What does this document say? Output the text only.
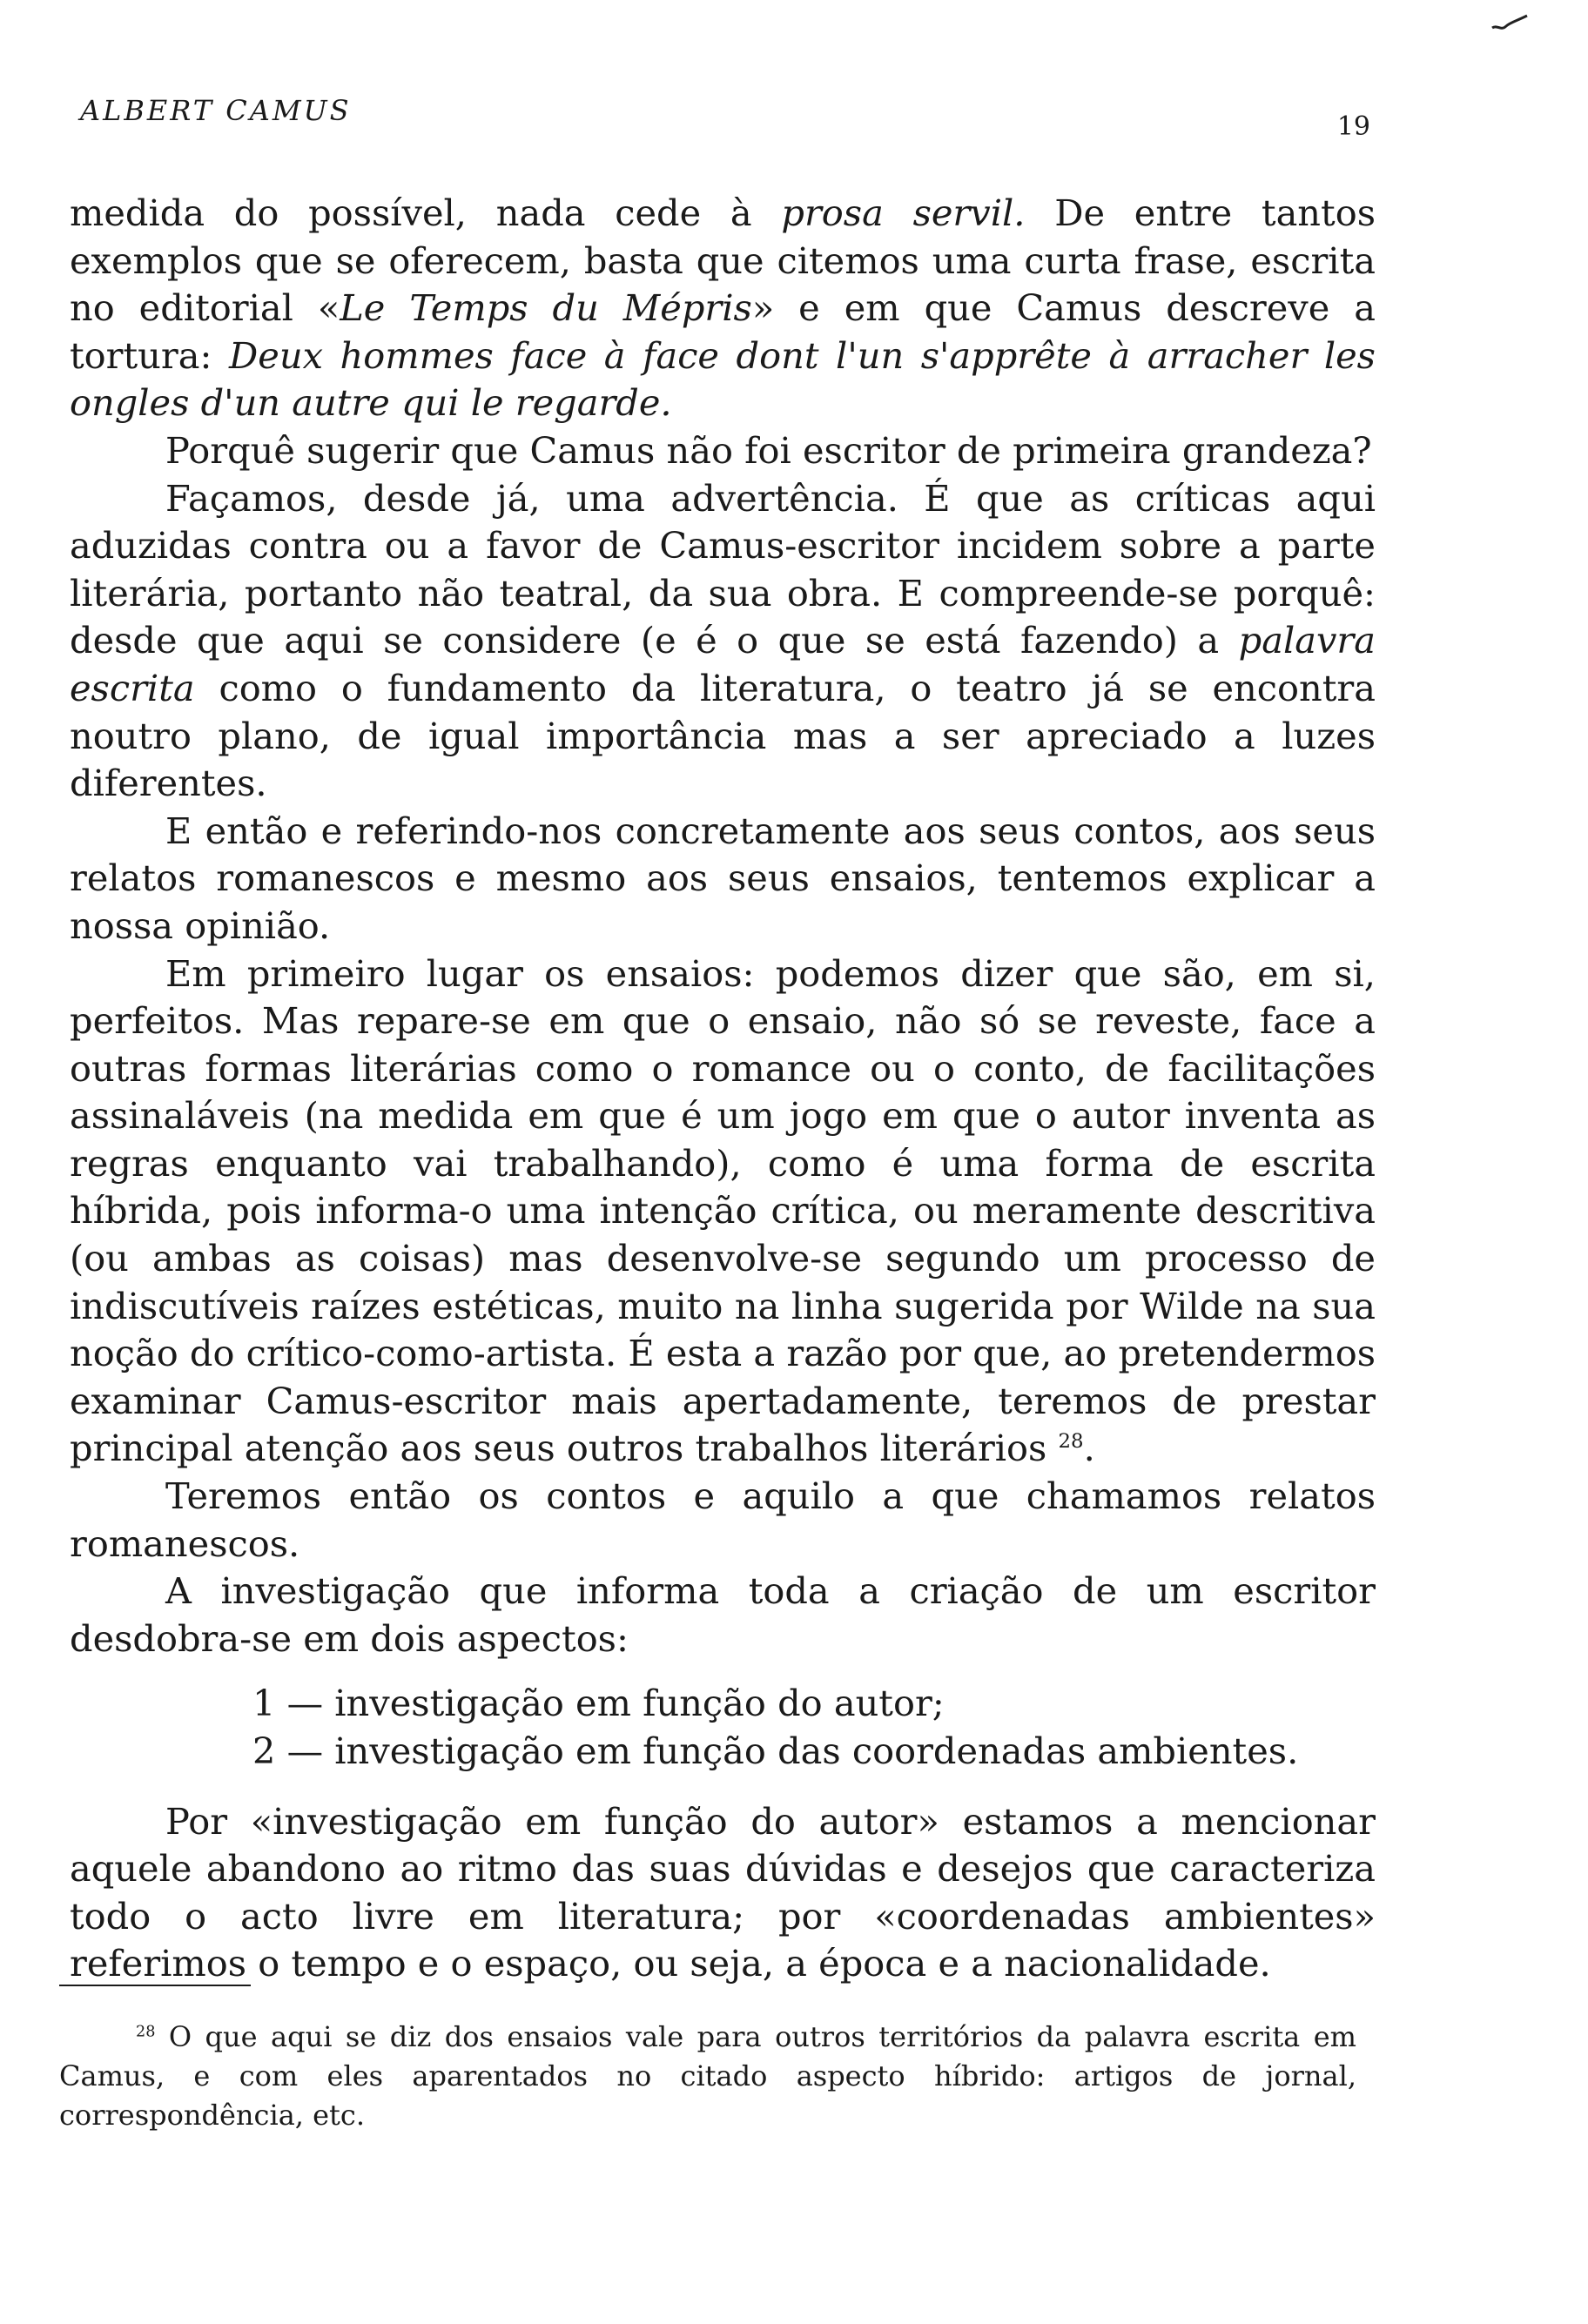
ALBERT CAMUS	19

medida do possível, nada cede à prosa servil. De entre tantos exemplos que se oferecem, basta que citemos uma curta frase, escrita no editorial «Le Temps du Mépris» e em que Camus descreve a tortura: Deux hommes face à face dont l'un s'apprête à arracher les ongles d'un autre qui le regarde.

Porquê sugerir que Camus não foi escritor de primeira grandeza?

Façamos, desde já, uma advertência. É que as críticas aqui aduzidas contra ou a favor de Camus-escritor incidem sobre a parte literária, portanto não teatral, da sua obra. E compreende-se porquê: desde que aqui se considere (e é o que se está fazendo) a palavra escrita como o fundamento da literatura, o teatro já se encontra noutro plano, de igual importância mas a ser apreciado a luzes diferentes.

E então e referindo-nos concretamente aos seus contos, aos seus relatos romanescos e mesmo aos seus ensaios, tentemos explicar a nossa opinião.

Em primeiro lugar os ensaios: podemos dizer que são, em si, perfeitos. Mas repare-se em que o ensaio, não só se reveste, face a outras formas literárias como o romance ou o conto, de facilitações assinaláveis (na medida em que é um jogo em que o autor inventa as regras enquanto vai trabalhando), como é uma forma de escrita híbrida, pois informa-o uma intenção crítica, ou meramente descritiva (ou ambas as coisas) mas desenvolve-se segundo um processo de indiscutíveis raízes estéticas, muito na linha sugerida por Wilde na sua noção do crítico-como-artista. É esta a razão por que, ao pretendermos examinar Camus-escritor mais apertadamente, teremos de prestar principal atenção aos seus outros trabalhos literários $^{28}$.

Teremos então os contos e aquilo a que chamamos relatos romanescos.

A investigação que informa toda a criação de um escritor desdobra-se em dois aspectos:

1 — investigação em função do autor;
2 — investigação em função das coordenadas ambientes.

Por «investigação em função do autor» estamos a mencionar aquele abandono ao ritmo das suas dúvidas e desejos que caracteriza todo o acto livre em literatura; por «coordenadas ambientes» referimos o tempo e o espaço, ou seja, a época e a nacionalidade.

$^{28}$ O que aqui se diz dos ensaios vale para outros territórios da palavra escrita em Camus, e com eles aparentados no citado aspecto híbrido: artigos de jornal, correspondência, etc.
